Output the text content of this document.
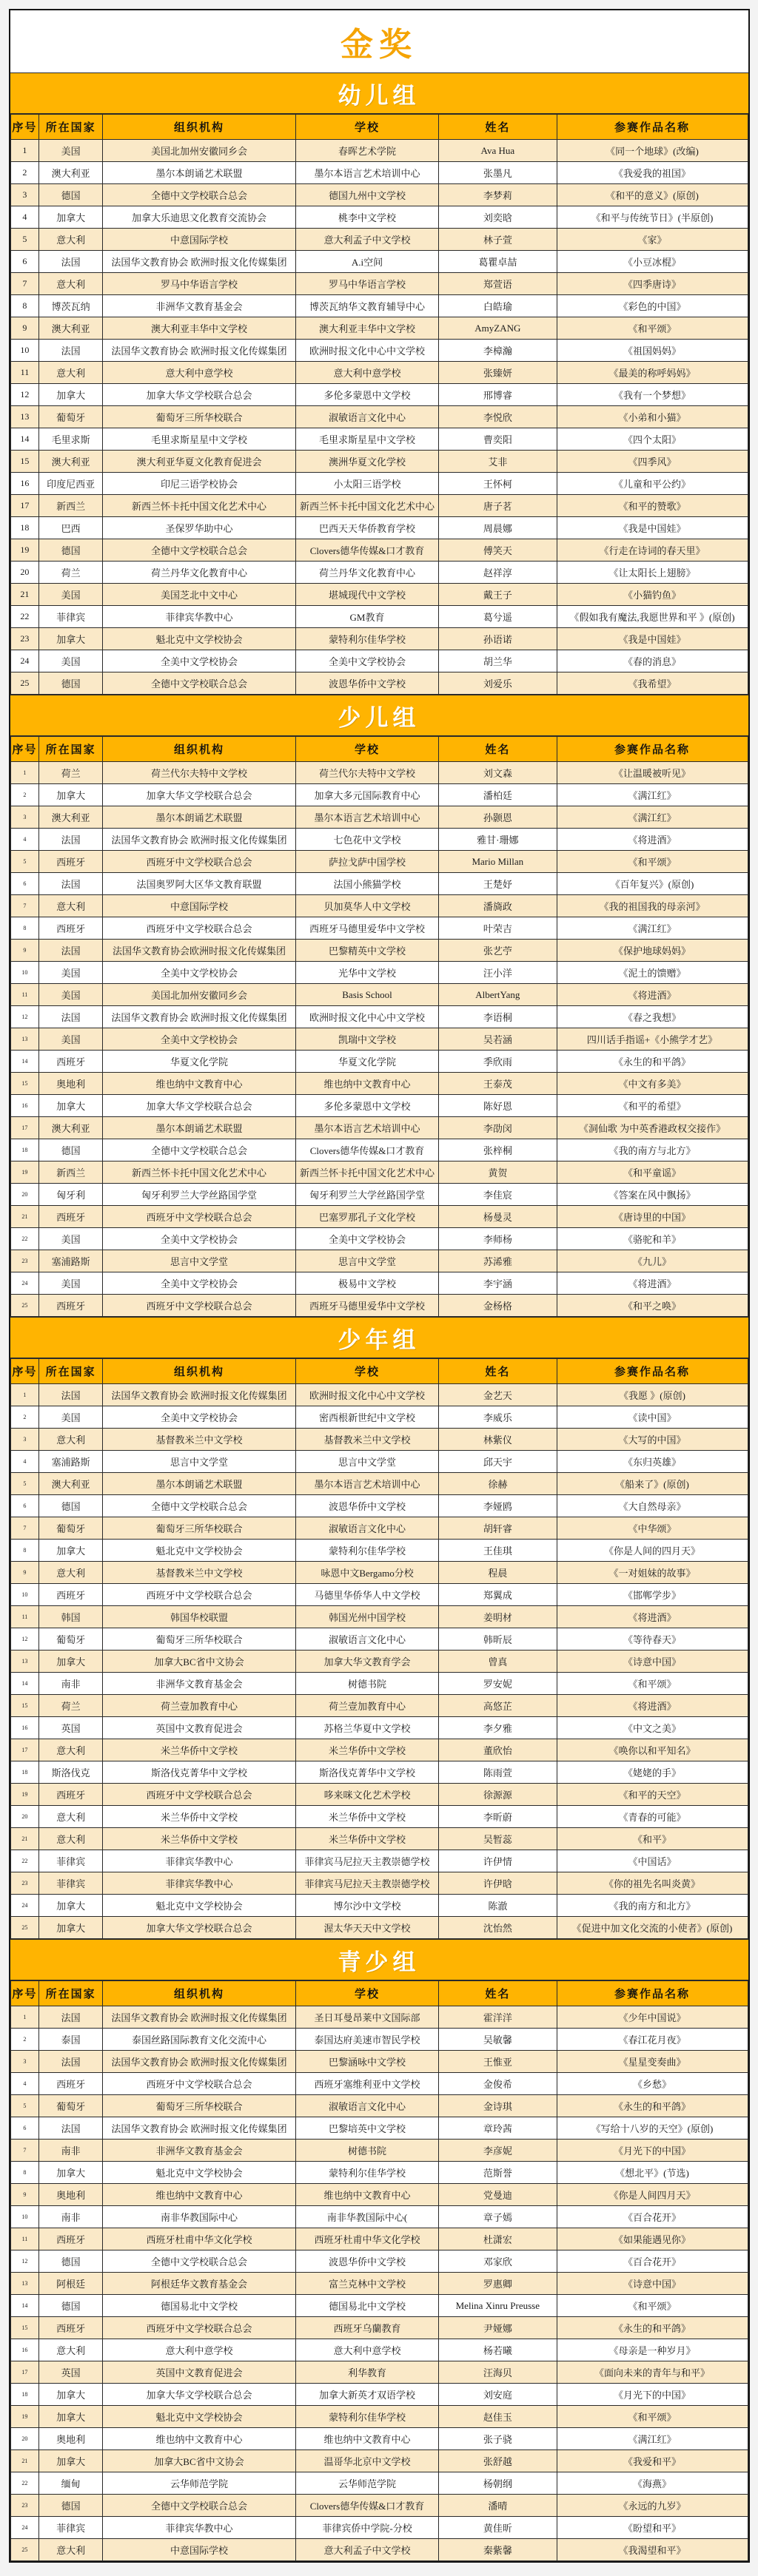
金奖
幼儿组
序号	所在国家	组织机构	学校	姓名	参赛作品名称
1	美国	美国北加州安徽同乡会	春晖艺术学院	Ava Hua	《同一个地球》(改编)
2	澳大利亚	墨尔本朗诵艺术联盟	墨尔本语言艺术培训中心	张墨凡	《我爱我的祖国》
3	德国	全德中文学校联合总会	德国九州中文学校	李梦莉	《和平的意义》(原创)
4	加拿大	加拿大乐迪思文化教育交流协会	桃李中文学校	刘奕晗	《和平与传统节日》(半原创)
5	意大利	中意国际学校	意大利孟子中文学校	林子萱	《家》
6	法国	法国华文教育协会 欧洲时报文化传媒集团	A.i空间	葛瞿卓喆	《小豆冰棍》
7	意大利	罗马中华语言学校	罗马中华语言学校	郑萱语	《四季唐诗》
8	博茨瓦纳	非洲华文教育基金会	博茨瓦纳华文教育辅导中心	白皓瑜	《彩色的中国》
9	澳大利亚	澳大利亚丰华中文学校	澳大利亚丰华中文学校	AmyZANG	《和平颂》
10	法国	法国华文教育协会 欧洲时报文化传媒集团	欧洲时报文化中心中文学校	李樟瀚	《祖国妈妈》
11	意大利	意大利中意学校	意大利中意学校	张臻妍	《最美的称呼妈妈》
12	加拿大	加拿大华文学校联合总会	多伦多蒙恩中文学校	邢博睿	《我有一个梦想》
13	葡萄牙	葡萄牙三所华校联合	淑敏语言文化中心	李悦欣	《小弟和小猫》
14	毛里求斯	毛里求斯星星中文学校	毛里求斯星星中文学校	曹奕阳	《四个太阳》
15	澳大利亚	澳大利亚华夏文化教育促进会	澳洲华夏文化学校	艾非	《四季风》
16	印度尼西亚	印尼三语学校协会	小太阳三语学校	王怀柯	《儿童和平公约》
17	新西兰	新西兰怀卡托中国文化艺术中心	新西兰怀卡托中国文化艺术中心	唐子茗	《和平的赞歌》
18	巴西	圣保罗华助中心	巴西天天华侨教育学校	周晨娜	《我是中国娃》
19	德国	全德中文学校联合总会	Clovers德华传媒&口才教育	傅笑天	《行走在诗词的春天里》
20	荷兰	荷兰丹华文化教育中心	荷兰丹华文化教育中心	赵祥淳	《让太阳长上翅膀》
21	美国	美国芝北中文中心	堪城现代中文学校	戴王子	《小猫钓鱼》
22	菲律宾	菲律宾华教中心	GM教育	葛兮遥	《假如我有魔法,我愿世界和平 》(原创)
23	加拿大	魁北克中文学校协会	蒙特利尔佳华学校	孙语诺	《我是中国娃》
24	美国	全美中文学校协会	全美中文学校协会	胡兰华	《春的消息》
25	德国	全德中文学校联合总会	波恩华侨中文学校	刘爱乐	《我希望》
少儿组
序号	所在国家	组织机构	学校	姓名	参赛作品名称
1	荷兰	荷兰代尔夫特中文学校	荷兰代尔夫特中文学校	刘文森	《让温暖被听见》
2	加拿大	加拿大华文学校联合总会	加拿大多元国际教育中心	潘柏廷	《满江红》
3	澳大利亚	墨尔本朗诵艺术联盟	墨尔本语言艺术培训中心	孙颢恩	《满江红》
4	法国	法国华文教育协会 欧洲时报文化传媒集团	七色花中文学校	雅甘·珊娜	《将进酒》
5	西班牙	西班牙中文学校联合总会	萨拉戈萨中国学校	Mario Millan	《和平颂》
6	法国	法国奥罗阿大区华文教育联盟	法国小熊猫学校	王楚妤	《百年复兴》(原创)
7	意大利	中意国际学校	贝加莫华人中文学校	潘旖政	《我的祖国我的母亲河》
8	西班牙	西班牙中文学校联合总会	西班牙马德里爱华中文学校	叶荣吉	《满江红》
9	法国	法国华文教育协会欧洲时报文化传媒集团	巴黎精英中文学校	张艺苧	《保护地球妈妈》
10	美国	全美中文学校协会	光华中文学校	汪小洋	《泥土的馈赠》
11	美国	美国北加州安徽同乡会	Basis School	AlbertYang	《将进酒》
12	法国	法国华文教育协会 欧洲时报文化传媒集团	欧洲时报文化中心中文学校	李语桐	《春之我想》
13	美国	全美中文学校协会	凯瑞中文学校	吴若涵	四川话手指谣+《小熊学才艺》
14	西班牙	华夏文化学院	华夏文化学院	季欣雨	《永生的和平鸽》
15	奥地利	维也纳中文教育中心	维也纳中文教育中心	王泰茂	《中文有多美》
16	加拿大	加拿大华文学校联合总会	多伦多蒙恩中文学校	陈好恩	《和平的希望》
17	澳大利亚	墨尔本朗诵艺术联盟	墨尔本语言艺术培训中心	李劭闵	《洞仙歌 为中英香港政权交接作》
18	德国	全德中文学校联合总会	Clovers德华传媒&口才教育	张梓桐	《我的南方与北方》
19	新西兰	新西兰怀卡托中国文化艺术中心	新西兰怀卡托中国文化艺术中心	黄贺	《和平童谣》
20	匈牙利	匈牙利罗兰大学丝路国学堂	匈牙利罗兰大学丝路国学堂	李佳宸	《答案在风中飘扬》
21	西班牙	西班牙中文学校联合总会	巴塞罗那孔子文化学校	杨曼灵	《唐诗里的中国》
22	美国	全美中文学校协会	全美中文学校协会	李师杨	《骆驼和羊》
23	塞浦路斯	思言中文学堂	思言中文学堂	苏浠雅	《九儿》
24	美国	全美中文学校协会	极易中文学校	李宇涵	《将进酒》
25	西班牙	西班牙中文学校联合总会	西班牙马德里爱华中文学校	金杨格	《和平之唤》
少年组
序号	所在国家	组织机构	学校	姓名	参赛作品名称
1	法国	法国华文教育协会 欧洲时报文化传媒集团	欧洲时报文化中心中文学校	金艺天	《我愿 》(原创)
2	美国	全美中文学校协会	密西根新世纪中文学校	李威乐	《读中国》
3	意大利	基督教米兰中文学校	基督教米兰中文学校	林紫仪	《大写的中国》
4	塞浦路斯	思言中文学堂	思言中文学堂	邱天宇	《东归英雄》
5	澳大利亚	墨尔本朗诵艺术联盟	墨尔本语言艺术培训中心	徐赫	《船来了》(原创)
6	德国	全德中文学校联合总会	波恩华侨中文学校	李娅鸥	《大自然母亲》
7	葡萄牙	葡萄牙三所华校联合	淑敏语言文化中心	胡轩睿	《中华颂》
8	加拿大	魁北克中文学校协会	蒙特利尔佳华学校	王佳琪	《你是人间的四月天》
9	意大利	基督教米兰中文学校	咏恩中文Bergamo分校	程晨	《一对姐妹的故事》
10	西班牙	西班牙中文学校联合总会	马德里华侨华人中文学校	郑翼成	《邯郸学步》
11	韩国	韩国华校联盟	韩国光州中国学校	姜明材	《将进酒》
12	葡萄牙	葡萄牙三所华校联合	淑敏语言文化中心	韩昕辰	《等待春天》
13	加拿大	加拿大BC省中文协会	加拿大华文教育学会	曾真	《诗意中国》
14	南非	非洲华文教育基金会	树德书院	罗安妮	《和平颂》
15	荷兰	荷兰壹加教育中心	荷兰壹加教育中心	高悠芷	《将进酒》
16	英国	英国中文教育促进会	苏格兰华夏中文学校	李夕雅	《中文之美》
17	意大利	米兰华侨中文学校	米兰华侨中文学校	董欣怡	《唤你以和平知名》
18	斯洛伐克	斯洛伐克菁华中文学校	斯洛伐克菁华中文学校	陈雨萱	《姥姥的手》
19	西班牙	西班牙中文学校联合总会	哆来咪文化艺术学校	徐源源	《和平的天空》
20	意大利	米兰华侨中文学校	米兰华侨中文学校	李昕蔚	《青春的可能》
21	意大利	米兰华侨中文学校	米兰华侨中文学校	吴暂蕊	《和平》
22	菲律宾	菲律宾华教中心	菲律宾马尼拉天主教崇德学校	许伊情	《中国话》
23	菲律宾	菲律宾华教中心	菲律宾马尼拉天主教崇德学校	许伊晗	《你的祖先名叫炎黄》
24	加拿大	魁北克中文学校协会	博尔沙中文学校	陈澈	《我的南方和北方》
25	加拿大	加拿大华文学校联合总会	渥太华天天中文学校	沈怡然	《促进中加文化交流的小使者》(原创)
青少组
序号	所在国家	组织机构	学校	姓名	参赛作品名称
1	法国	法国华文教育协会 欧洲时报文化传媒集团	圣日耳曼昂莱中文国际部	霍洋洋	《少年中国说》
2	泰国	泰国丝路国际教育文化交流中心	泰国达府美速市智民学校	吴敏馨	《春江花月夜》
3	法国	法国华文教育协会 欧洲时报文化传媒集团	巴黎涵咏中文学校	王惟亚	《星星变奏曲》
4	西班牙	西班牙中文学校联合总会	西班牙塞维利亚中文学校	金俊希	《乡愁》
5	葡萄牙	葡萄牙三所华校联合	淑敏语言文化中心	金诗琪	《永生的和平鸽》
6	法国	法国华文教育协会 欧洲时报文化传媒集团	巴黎培英中文学校	章玲茜	《写给十八岁的天空》(原创)
7	南非	非洲华文教育基金会	树德书院	李彦妮	《月光下的中国》
8	加拿大	魁北克中文学校协会	蒙特利尔佳华学校	范斯誉	《想北平》(节选)
9	奥地利	维也纳中文教育中心	维也纳中文教育中心	党曼迪	《你是人间四月天》
10	南非	南非华教国际中心	南非华教国际中心(	章子嫣	《百合花开》
11	西班牙	西班牙杜甫中华文化学校	西班牙杜甫中华文化学校	杜潇宏	《如果能遇见你》
12	德国	全德中文学校联合总会	波恩华侨中文学校	邓家欣	《百合花开》
13	阿根廷	阿根廷华文教育基金会	富兰克林中文学校	罗惠卿	《诗意中国》
14	德国	德国易北中文学校	德国易北中文学校	Melina Xinru Preusse	《和平颂》
15	西班牙	西班牙中文学校联合总会	西班牙乌蘭教育	尹娅娜	《永生的和平鸽》
16	意大利	意大利中意学校	意大利中意学校	杨若曦	《母亲是一种岁月》
17	英国	英国中文教育促进会	利华教育	汪海贝	《面向未来的青年与和平》
18	加拿大	加拿大华文学校联合总会	加拿大新英才双语学校	刘安庭	《月光下的中国》
19	加拿大	魁北克中文学校协会	蒙特利尔佳华学校	赵佳玉	《和平颂》
20	奥地利	维也纳中文教育中心	维也纳中文教育中心	张子骁	《满江红》
21	加拿大	加拿大BC省中文协会	温哥华北京中文学校	张舒越	《我爱和平》
22	缅甸	云华师范学院	云华师范学院	杨朝纲	《海燕》
23	德国	全德中文学校联合总会	Clovers德华传媒&口才教育	潘晴	《永远的九岁》
24	菲律宾	菲律宾华教中心	菲律宾侨中学院-分校	黄佳昕	《盼望和平》
25	意大利	中意国际学校	意大利孟子中文学校	秦紫馨	《我渴望和平》
